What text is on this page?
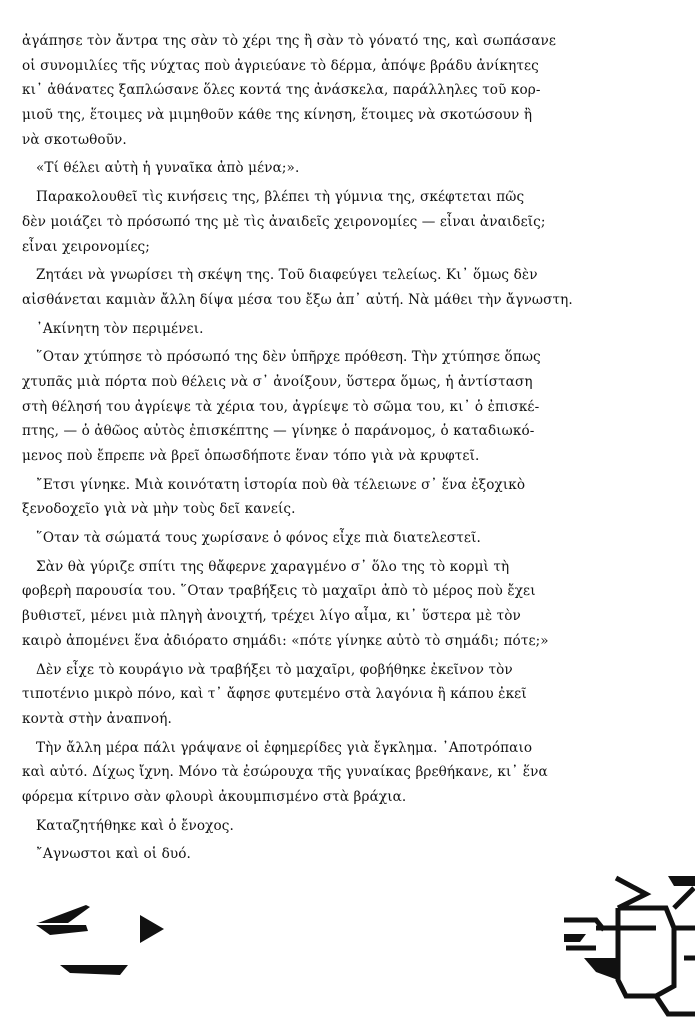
ἀγάπησε τὸν ἄντρα της σὰν τὸ χέρι της ἢ σὰν τὸ γόνατό της, καὶ σωπάσανε
οἱ συνομιλίες τῆς νύχτας ποὺ ἀγριεύανε τὸ δέρμα, ἀπόψε βράδυ ἀνίκητες
κι᾿ ἀθάνατες ξαπλώσανε ὅλες κοντά της ἀνάσκελα, παράλληλες τοῦ κορ-
μιοῦ της, ἕτοιμες νὰ μιμηθοῦν κάθε της κίνηση, ἕτοιμες νὰ σκοτώσουν ἢ
νὰ σκοτωθοῦν.
«Τί θέλει αὐτὴ ἡ γυναῖκα ἀπὸ μένα;».
Παρακολουθεῖ τὶς κινήσεις της, βλέπει τὴ γύμνια της, σκέφτεται πῶς
δὲν μοιάζει τὸ πρόσωπό της μὲ τὶς ἀναιδεῖς χειρονομίες — εἶναι ἀναιδεῖς;
εἶναι χειρονομίες;
Ζητάει νὰ γνωρίσει τὴ σκέψη της. Τοῦ διαφεύγει τελείως. Κι᾿ ὅμως δὲν
αἰσθάνεται καμιὰν ἄλλη δίψα μέσα του ἔξω ἀπ᾿ αὐτή. Νὰ μάθει τὴν ἄγνωστη.
᾿Ακίνητη τὸν περιμένει.
῞Οταν χτύπησε τὸ πρόσωπό της δὲν ὑπῆρχε πρόθεση. Τὴν χτύπησε ὅπως
χτυπᾶς μιὰ πόρτα ποὺ θέλεις νὰ σ᾿ ἀνοίξουν, ὕστερα ὅμως, ἡ ἀντίσταση
στὴ θέλησή του ἀγρίεψε τὰ χέρια του, ἀγρίεψε τὸ σῶμα του, κι᾿ ὁ ἐπισκέ-
πτης, — ὁ ἀθῶος αὐτὸς ἐπισκέπτης — γίνηκε ὁ παράνομος, ὁ καταδιωκό-
μενος ποὺ ἔπρεπε νὰ βρεῖ ὁπωσδήποτε ἕναν τόπο γιὰ νὰ κρυφτεῖ.
῎Ετσι γίνηκε. Μιὰ κοινότατη ἱστορία ποὺ θὰ τέλειωνε σ᾿ ἕνα ἐξοχικὸ
ξενοδοχεῖο γιὰ νὰ μὴν τοὺς δεῖ κανείς.
῞Οταν τὰ σώματά τους χωρίσανε ὁ φόνος εἶχε πιὰ διατελεστεῖ.
Σὰν θὰ γύριζε σπίτι της θἄφερνε χαραγμένο σ᾿ ὅλο της τὸ κορμὶ τὴ
φοβερὴ παρουσία του. ῞Οταν τραβήξεις τὸ μαχαῖρι ἀπὸ τὸ μέρος ποὺ ἔχει
βυθιστεῖ, μένει μιὰ πληγὴ ἀνοιχτή, τρέχει λίγο αἷμα, κι᾿ ὕστερα μὲ τὸν
καιρὸ ἀπομένει ἕνα ἀδιόρατο σημάδι: «πότε γίνηκε αὐτὸ τὸ σημάδι; πότε;»
Δὲν εἶχε τὸ κουράγιο νὰ τραβήξει τὸ μαχαῖρι, φοβήθηκε ἐκεῖνον τὸν
τιποτένιο μικρὸ πόνο, καὶ τ᾿ ἄφησε φυτεμένο στὰ λαγόνια ἢ κάπου ἐκεῖ
κοντὰ στὴν ἀναπνοή.
Τὴν ἄλλη μέρα πάλι γράψανε οἱ ἐφημερίδες γιὰ ἔγκλημα. ᾿Αποτρόπαιο
καὶ αὐτό. Δίχως ἴχνη. Μόνο τὰ ἐσώρουχα τῆς γυναίκας βρεθήκανε, κι᾿ ἕνα
φόρεμα κίτρινο σὰν φλουρὶ ἀκουμπισμένο στὰ βράχια.
Καταζητήθηκε καὶ ὁ ἔνοχος.
῎Αγνωστοι καὶ οἱ δυό.
